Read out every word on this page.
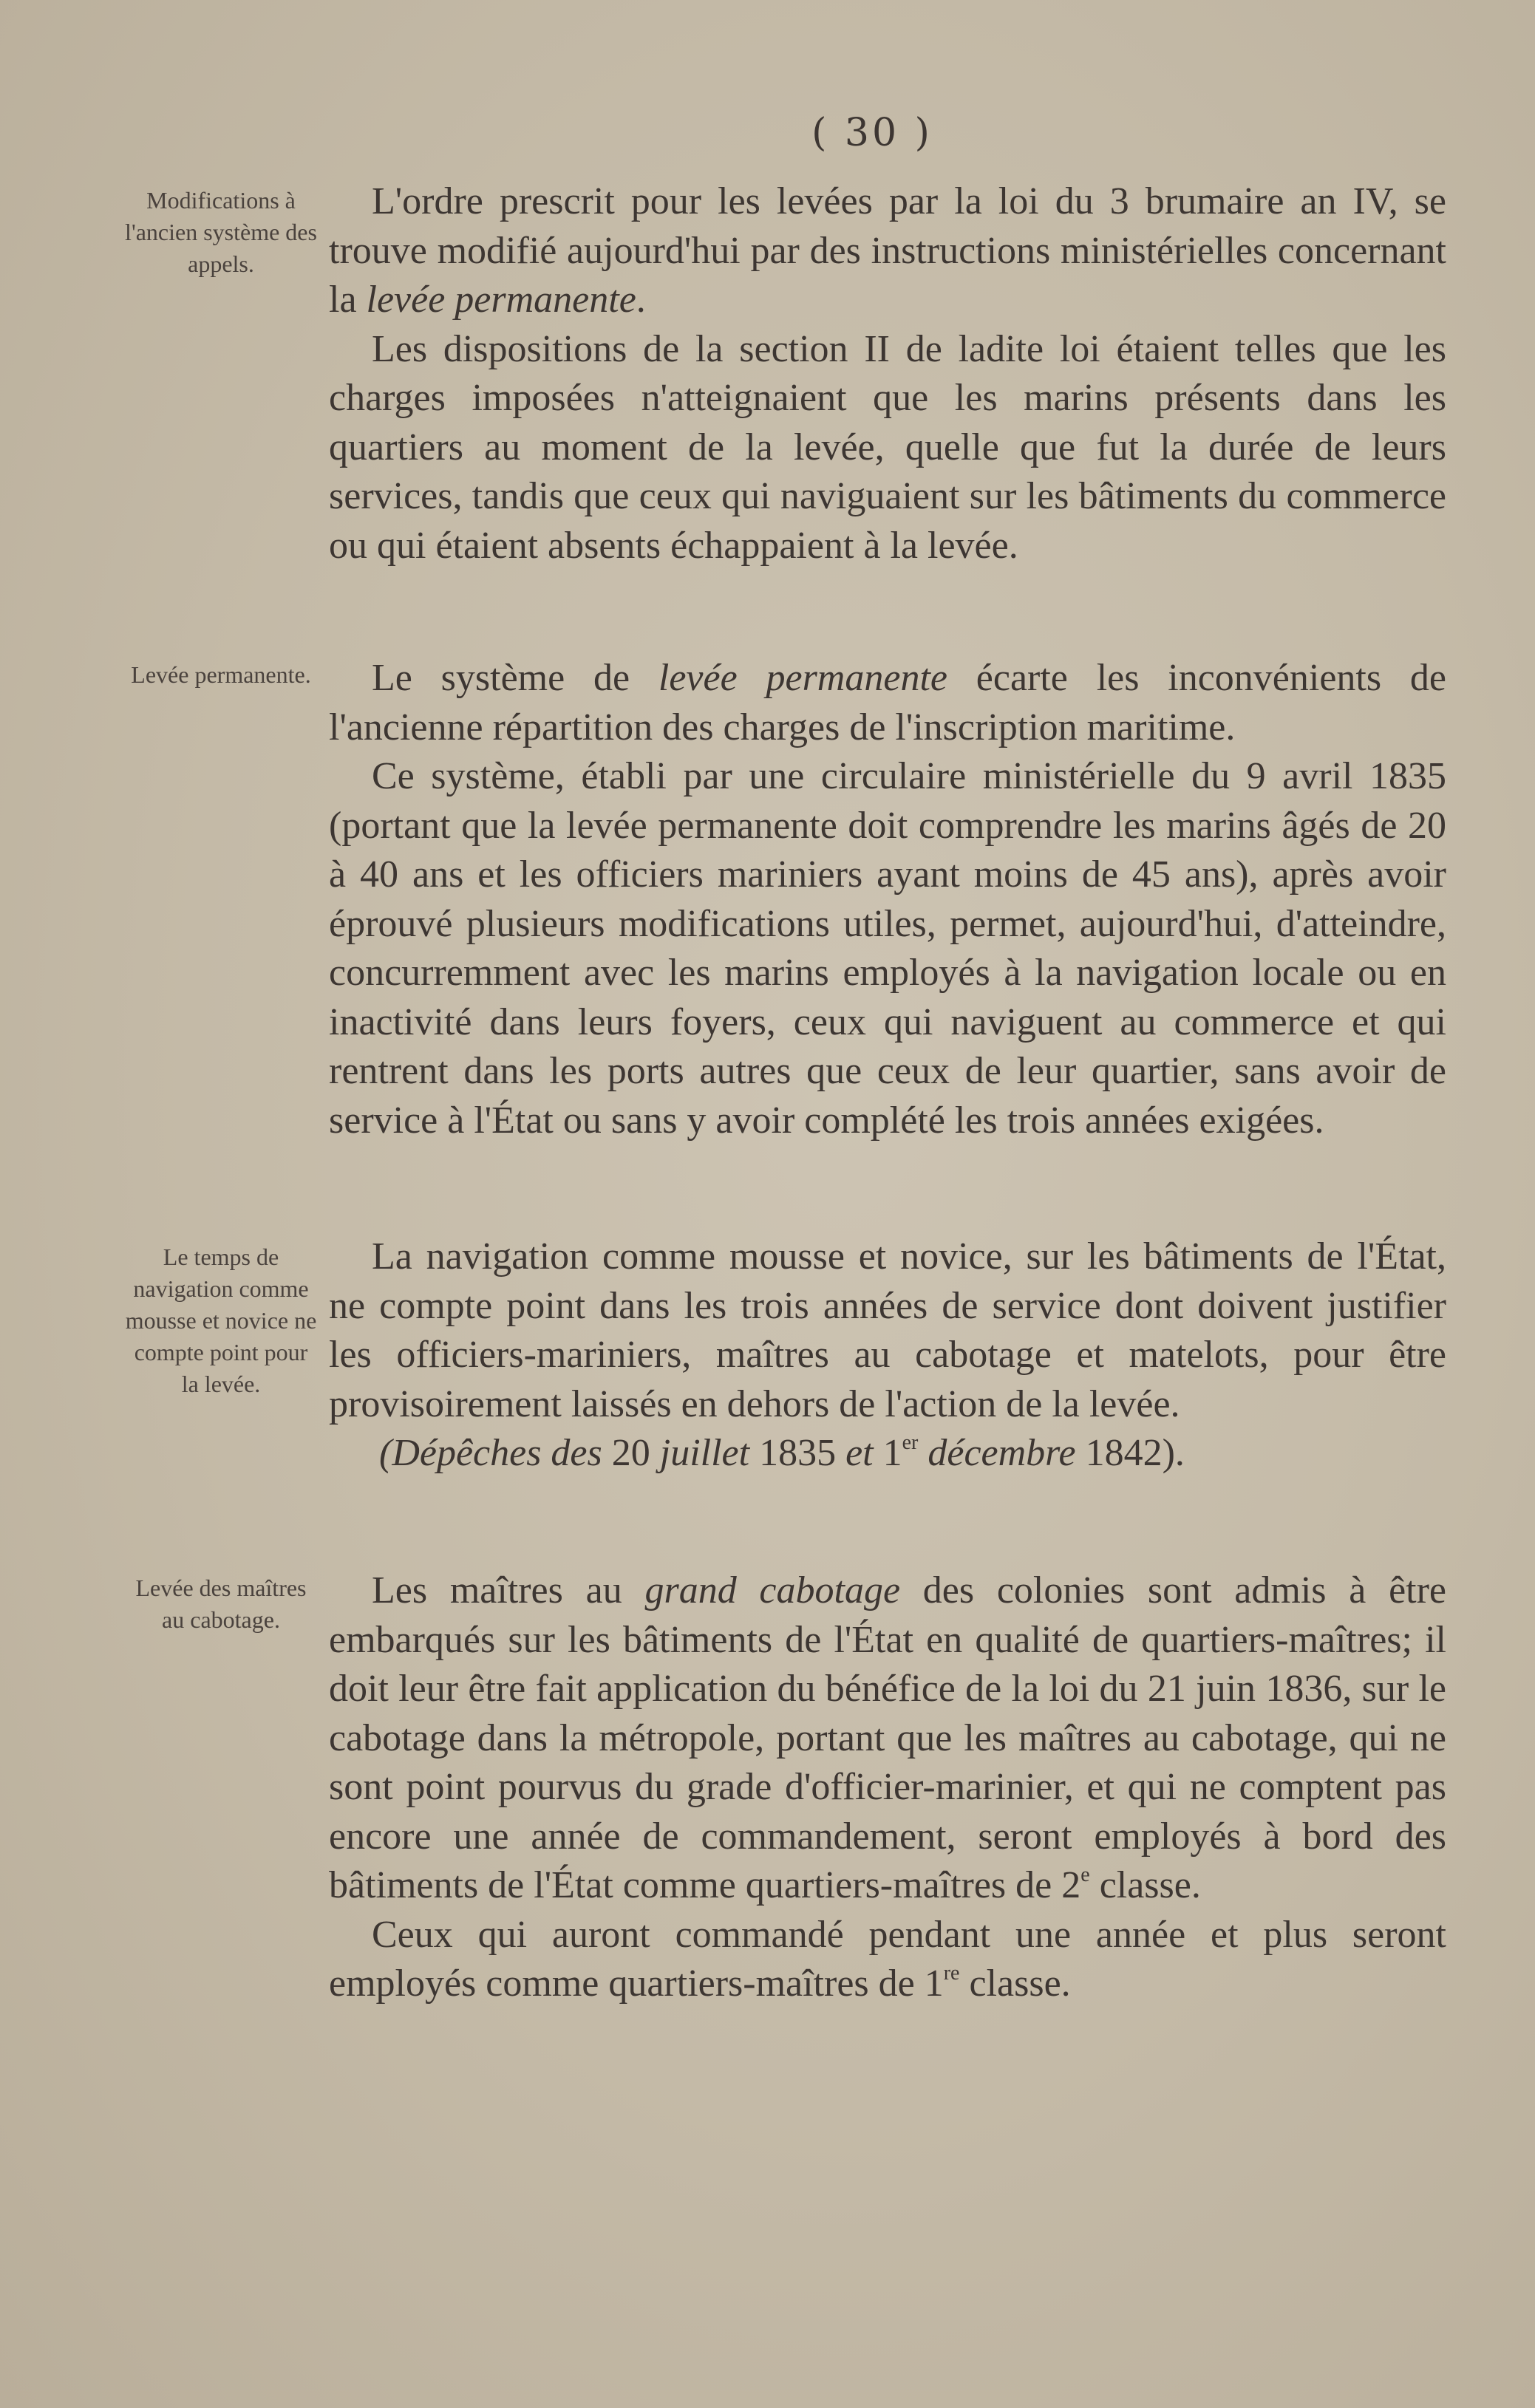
( 30 )
Modifications à l'ancien système des appels.

L'ordre prescrit pour les levées par la loi du 3 brumaire an IV, se trouve modifié aujourd'hui par des instructions ministérielles concernant la levée permanente.

Les dispositions de la section II de ladite loi étaient telles que les charges imposées n'atteignaient que les marins présents dans les quartiers au moment de la levée, quelle que fut la durée de leurs services, tandis que ceux qui naviguaient sur les bâtiments du commerce ou qui étaient absents échappaient à la levée.

Levée permanente.	Le système de levée permanente écarte les inconvénients de l'ancienne répartition des charges de l'inscription maritime.

Ce système, établi par une circulaire ministérielle du 9 avril 1835 (portant que la levée permanente doit comprendre les marins âgés de 20 à 40 ans et les officiers mariniers ayant moins de 45 ans), après avoir éprouvé plusieurs modifications utiles, permet, aujourd'hui, d'atteindre, concurremment avec les marins employés à la navigation locale ou en inactivité dans leurs foyers, ceux qui naviguent au commerce et qui rentrent dans les ports autres que ceux de leur quartier, sans avoir de service à l'État ou sans y avoir complété les trois années exigées.

Le temps de navigation comme mousse et novice ne compte point pour la levée.

La navigation comme mousse et novice, sur les bâtiments de l'État, ne compte point dans les trois années de service dont doivent justifier les officiers-mariniers, maîtres au cabotage et matelots, pour être provisoirement laissés en dehors de l'action de la levée.

(Dépêches des 20 juillet 1835 et 1er décembre 1842).

Levée des maîtres au cabotage.

Les maîtres au grand cabotage des colonies sont admis à être embarqués sur les bâtiments de l'État en qualité de quartiers-maîtres; il doit leur être fait application du bénéfice de la loi du 21 juin 1836, sur le cabotage dans la métropole, portant que les maîtres au cabotage, qui ne sont point pourvus du grade d'officier-marinier, et qui ne comptent pas encore une année de commandement, seront employés à bord des bâtiments de l'État comme quartiers-maîtres de 2e classe.

Ceux qui auront commandé pendant une année et plus seront employés comme quartiers-maîtres de 1re classe.
